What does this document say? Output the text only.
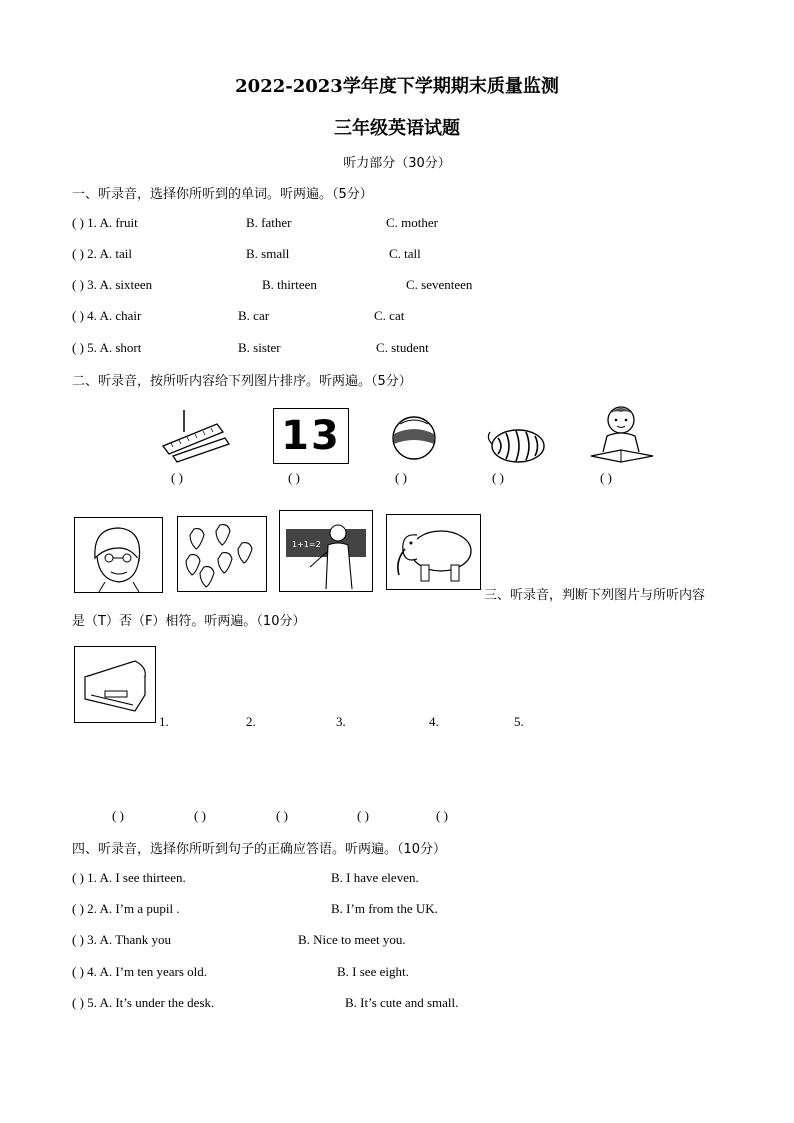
2022-2023学年度下学期期末质量监测
三年级英语试题
听力部分（30分）
一、听录音，选择你所听到的单词。听两遍。（5分）
( ) 1. A. fruit	B. father	C. mother
( ) 2. A. tail	B. small	C. tall
( ) 3. A. sixteen	B. thirteen	C. seventeen
( ) 4. A. chair	B. car	C. cat
( ) 5. A. short	B. sister	C. student
二、听录音，按所听内容给下列图片排序。听两遍。（5分）
13
( )	( )	( )	( )	( )
1+1=2
三、听录音，判断下列图片与所听内容
是（T）否（F）相符。听两遍。（10分）
1.	2.	3.	4.	5.
( )	( )	( )	( )	( )
四、听录音，选择你所听到句子的正确应答语。听两遍。（10分）
( ) 1. A. I see thirteen.	B. I have eleven.
( ) 2. A. I’m a pupil .	B. I’m from the UK.
( ) 3. A. Thank you	B. Nice to meet you.
( ) 4. A. I’m ten years old.	B. I see eight.
( ) 5. A. It’s under the desk.	B. It’s cute and small.
